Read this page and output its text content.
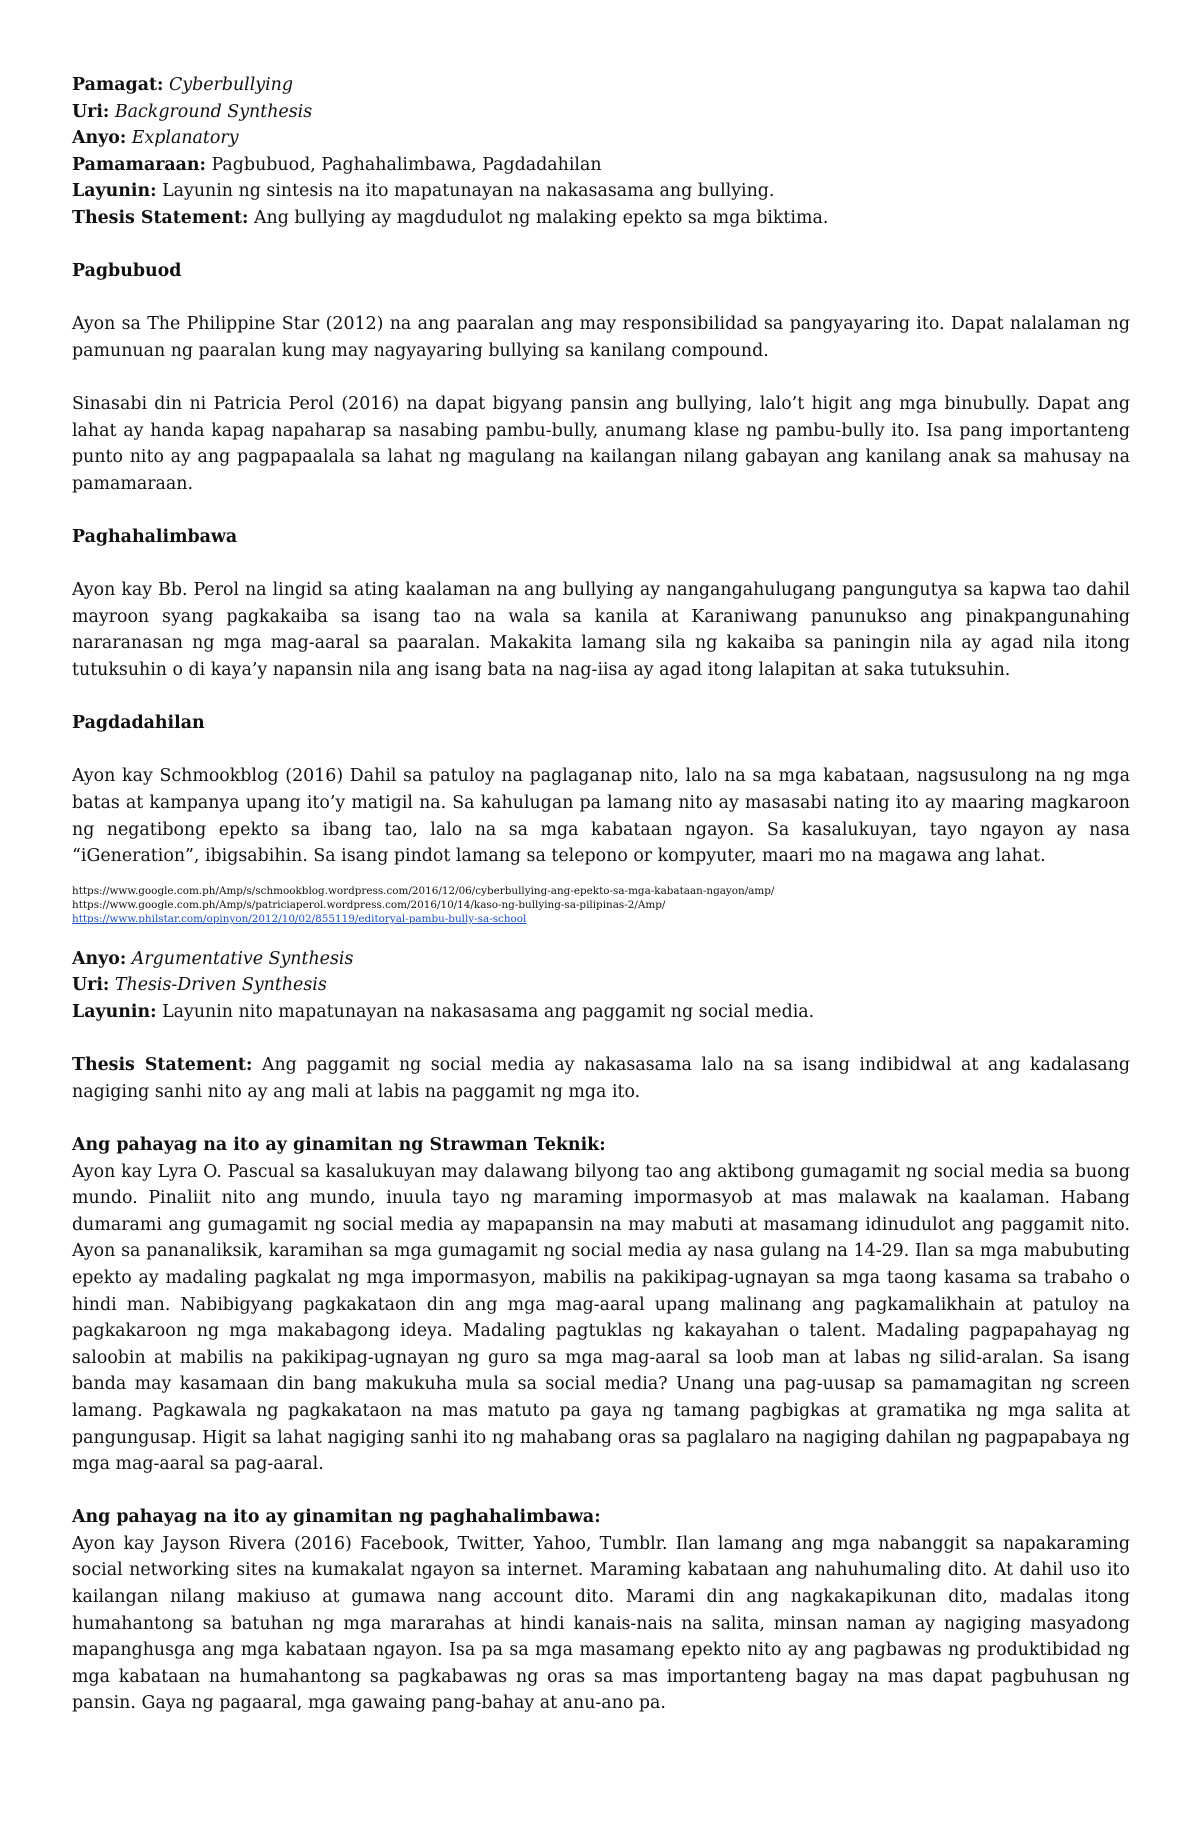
Pamagat: Cyberbullying
Uri: Background Synthesis
Anyo: Explanatory
Pamamaraan: Pagbubuod, Paghahalimbawa, Pagdadahilan
Layunin: Layunin ng sintesis na ito mapatunayan na nakasasama ang bullying.
Thesis Statement: Ang bullying ay magdudulot ng malaking epekto sa mga biktima.
Pagbubuod

Ayon sa The Philippine Star (2012) na ang paaralan ang may responsibilidad sa pangyayaring ito. Dapat nalalaman ng pamunuan ng paaralan kung may nagyayaring bullying sa kanilang compound.

Sinasabi din ni Patricia Perol (2016) na dapat bigyang pansin ang bullying, lalo’t higit ang mga binubully. Dapat ang lahat ay handa kapag napaharap sa nasabing pambu-bully, anumang klase ng pambu-bully ito. Isa pang importanteng punto nito ay ang pagpapaalala sa lahat ng magulang na kailangan nilang gabayan ang kanilang anak sa mahusay na pamamaraan.

Paghahalimbawa

Ayon kay Bb. Perol na lingid sa ating kaalaman na ang bullying ay nangangahulugang pangungutya sa kapwa tao dahil mayroon syang pagkakaiba sa isang tao na wala sa kanila at Karaniwang panunukso ang pinakpangunahing nararanasan ng mga mag-aaral sa paaralan. Makakita lamang sila ng kakaiba sa paningin nila ay agad nila itong tutuksuhin o di kaya’y napansin nila ang isang bata na nag-iisa ay agad itong lalapitan at saka tutuksuhin.

Pagdadahilan

Ayon kay Schmookblog (2016) Dahil sa patuloy na paglaganap nito, lalo na sa mga kabataan, nagsusulong na ng mga batas at kampanya upang ito’y matigil na. Sa kahulugan pa lamang nito ay masasabi nating ito ay maaring magkaroon ng negatibong epekto sa ibang tao, lalo na sa mga kabataan ngayon. Sa kasalukuyan, tayo ngayon ay nasa “iGeneration”, ibigsabihin. Sa isang pindot lamang sa telepono or kompyuter, maari mo na magawa ang lahat.

https://www.google.com.ph/Amp/s/schmookblog.wordpress.com/2016/12/06/cyberbullying-ang-epekto-sa-mga-kabataan-ngayon/amp/
https://www.google.com.ph/Amp/s/patriciaperol.wordpress.com/2016/10/14/kaso-ng-bullying-sa-pilipinas-2/Amp/
https://www.philstar.com/opinyon/2012/10/02/855119/editoryal-pambu-bully-sa-school
Anyo: Argumentative Synthesis
Uri: Thesis-Driven Synthesis
Layunin: Layunin nito mapatunayan na nakasasama ang paggamit ng social media.

Thesis Statement: Ang paggamit ng social media ay nakasasama lalo na sa isang indibidwal at ang kadalasang nagiging sanhi nito ay ang mali at labis na paggamit ng mga ito.

Ang pahayag na ito ay ginamitan ng Strawman Teknik:

Ayon kay Lyra O. Pascual sa kasalukuyan may dalawang bilyong tao ang aktibong gumagamit ng social media sa buong mundo. Pinaliit nito ang mundo, inuula tayo ng maraming impormasyob at mas malawak na kaalaman. Habang dumarami ang gumagamit ng social media ay mapapansin na may mabuti at masamang idinudulot ang paggamit nito. Ayon sa pananaliksik, karamihan sa mga gumagamit ng social media ay nasa gulang na 14-29. Ilan sa mga mabubuting epekto ay madaling pagkalat ng mga impormasyon, mabilis na pakikipag-ugnayan sa mga taong kasama sa trabaho o hindi man. Nabibigyang pagkakataon din ang mga mag-aaral upang malinang ang pagkamalikhain at patuloy na pagkakaroon ng mga makabagong ideya. Madaling pagtuklas ng kakayahan o talent. Madaling pagpapahayag ng saloobin at mabilis na pakikipag-ugnayan ng guro sa mga mag-aaral sa loob man at labas ng silid-aralan. Sa isang banda may kasamaan din bang makukuha mula sa social media? Unang una pag-uusap sa pamamagitan ng screen lamang. Pagkawala ng pagkakataon na mas matuto pa gaya ng tamang pagbigkas at gramatika ng mga salita at pangungusap. Higit sa lahat nagiging sanhi ito ng mahabang oras sa paglalaro na nagiging dahilan ng pagpapabaya ng mga mag-aaral sa pag-aaral.

Ang pahayag na ito ay ginamitan ng paghahalimbawa:

Ayon kay Jayson Rivera (2016) Facebook, Twitter, Yahoo, Tumblr. Ilan lamang ang mga nabanggit sa napakaraming social networking sites na kumakalat ngayon sa internet. Maraming kabataan ang nahuhumaling dito. At dahil uso ito kailangan nilang makiuso at gumawa nang account dito. Marami din ang nagkakapikunan dito, madalas itong humahantong sa batuhan ng mga mararahas at hindi kanais-nais na salita, minsan naman ay nagiging masyadong mapanghusga ang mga kabataan ngayon. Isa pa sa mga masamang epekto nito ay ang pagbawas ng produktibidad ng mga kabataan na humahantong sa pagkabawas ng oras sa mas importanteng bagay na mas dapat pagbuhusan ng pansin. Gaya ng pagaaral, mga gawaing pang-bahay at anu-ano pa.
